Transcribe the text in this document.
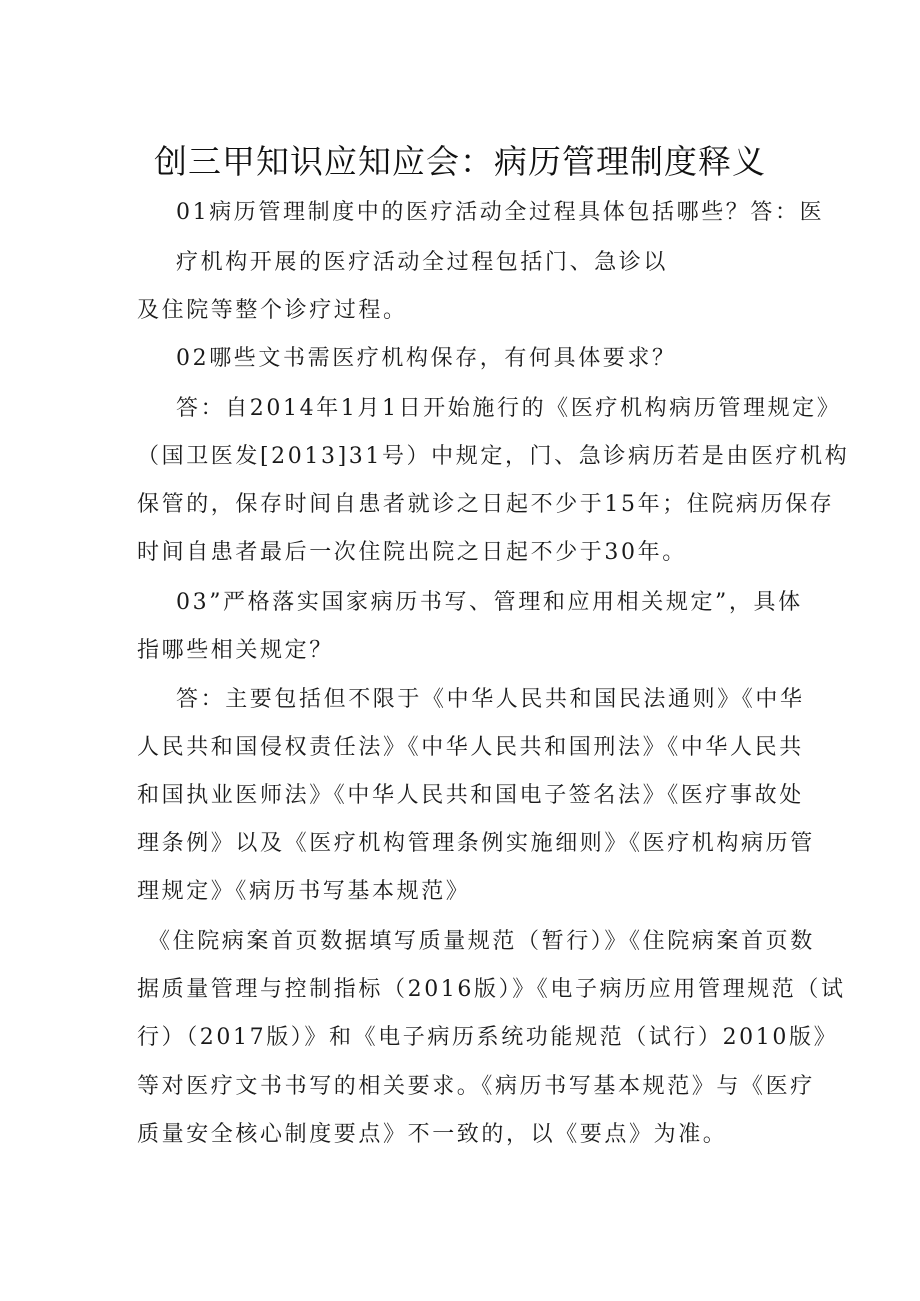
创三甲知识应知应会：病历管理制度释义
01病历管理制度中的医疗活动全过程具体包括哪些？答：医
疗机构开展的医疗活动全过程包括门、急诊以
及住院等整个诊疗过程。
02哪些文书需医疗机构保存，有何具体要求？
答：自2014年1月1日开始施行的《医疗机构病历管理规定》
（国卫医发[2013]31号）中规定，门、急诊病历若是由医疗机构
保管的，保存时间自患者就诊之日起不少于15年；住院病历保存
时间自患者最后一次住院出院之日起不少于30年。
03”严格落实国家病历书写、管理和应用相关规定”，具体
指哪些相关规定？
答：主要包括但不限于《中华人民共和国民法通则》《中华
人民共和国侵权责任法》《中华人民共和国刑法》《中华人民共
和国执业医师法》《中华人民共和国电子签名法》《医疗事故处
理条例》以及《医疗机构管理条例实施细则》《医疗机构病历管
理规定》《病历书写基本规范》
《住院病案首页数据填写质量规范（暂行）》《住院病案首页数
据质量管理与控制指标（2016版）》《电子病历应用管理规范（试
行）（2017版）》和《电子病历系统功能规范（试行）2010版》
等对医疗文书书写的相关要求。《病历书写基本规范》与《医疗
质量安全核心制度要点》不一致的，以《要点》为准。
